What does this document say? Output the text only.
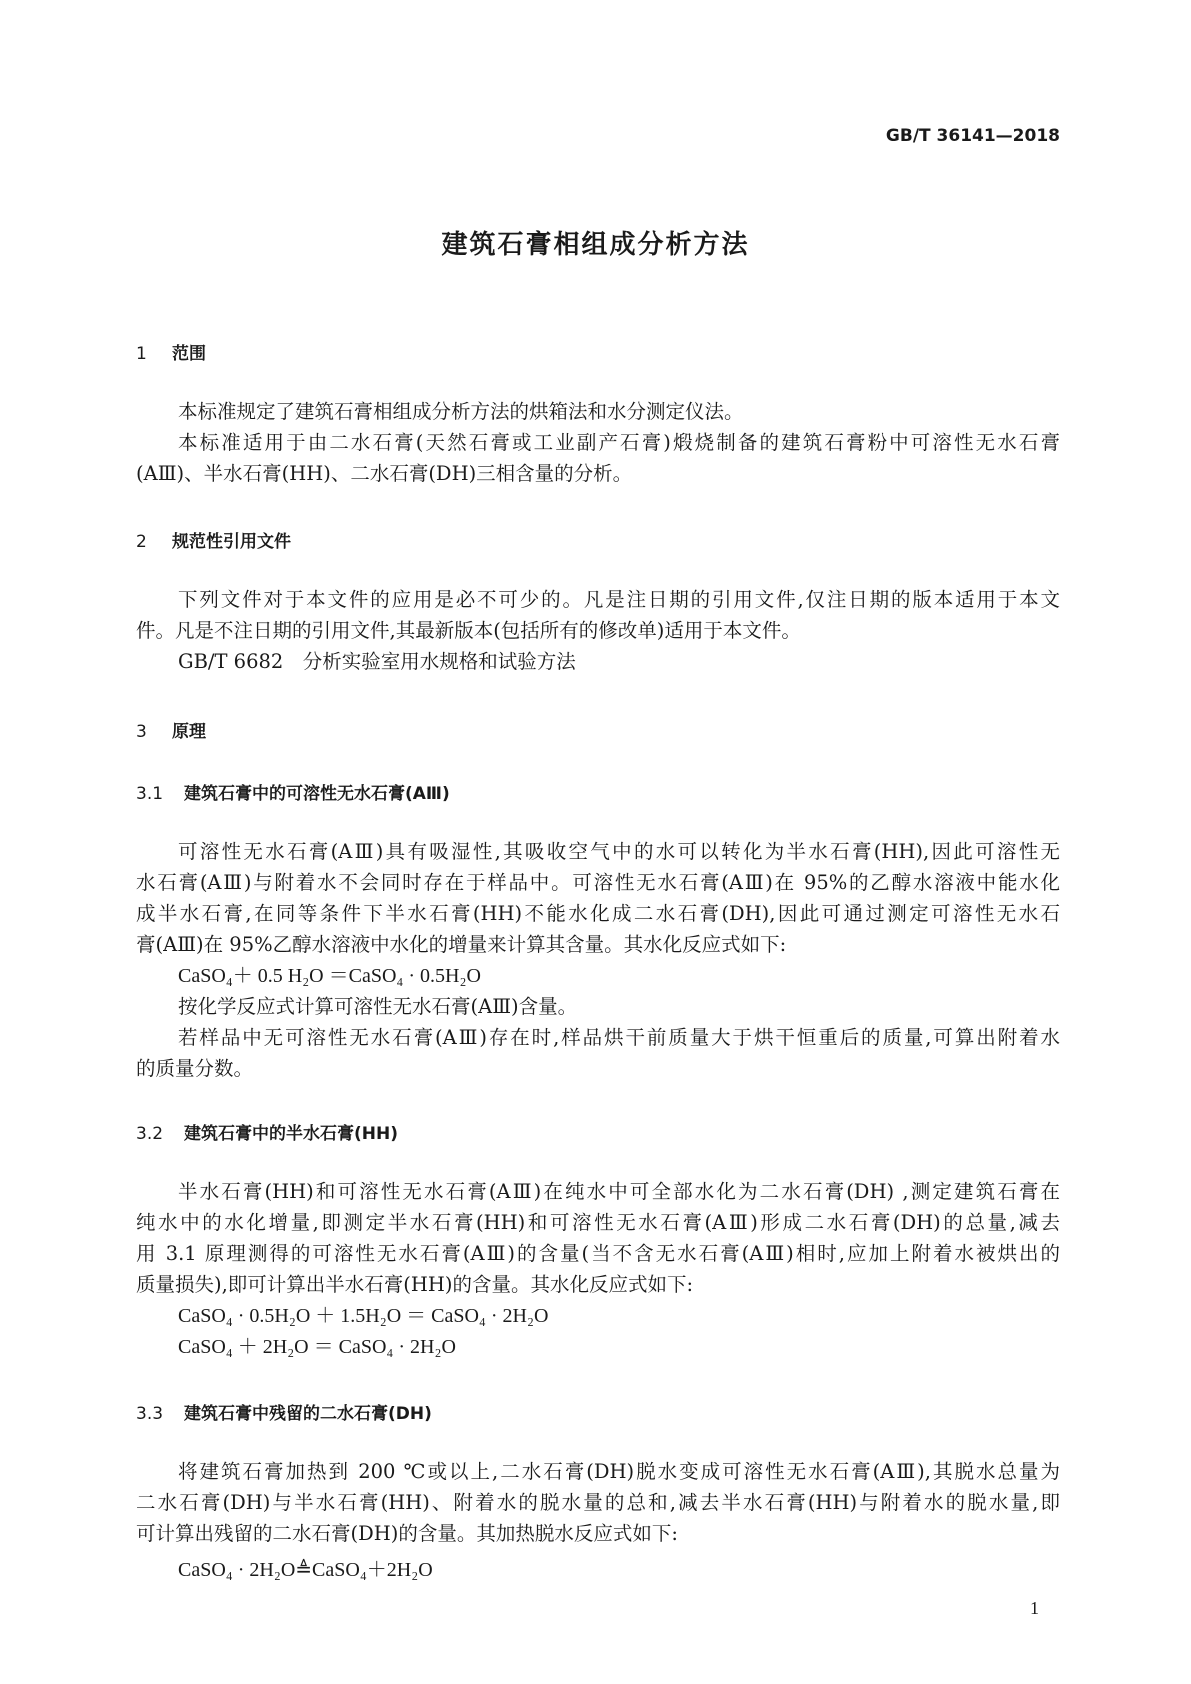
GB/T 36141—2018
建筑石膏相组成分析方法
1 范围
2 规范性引用文件
3 原理
3.1 建筑石膏中的可溶性无水石膏(AⅢ)
3.2 建筑石膏中的半水石膏(HH)
3.3 建筑石膏中残留的二水石膏(DH)
本标准规定了建筑石膏相组成分析方法的烘箱法和水分测定仪法。
本标准适用于由二水石膏(天然石膏或工业副产石膏)煅烧制备的建筑石膏粉中可溶性无水石膏
(AⅢ)、半水石膏(HH)、二水石膏(DH)三相含量的分析。
下列文件对于本文件的应用是必不可少的。凡是注日期的引用文件,仅注日期的版本适用于本文
件。凡是不注日期的引用文件,其最新版本(包括所有的修改单)适用于本文件。
GB/T 6682　分析实验室用水规格和试验方法
可溶性无水石膏(AⅢ)具有吸湿性,其吸收空气中的水可以转化为半水石膏(HH),因此可溶性无
水石膏(AⅢ)与附着水不会同时存在于样品中。可溶性无水石膏(AⅢ)在 95%的乙醇水溶液中能水化
成半水石膏,在同等条件下半水石膏(HH)不能水化成二水石膏(DH),因此可通过测定可溶性无水石
膏(AⅢ)在 95%乙醇水溶液中水化的增量来计算其含量。其水化反应式如下:
按化学反应式计算可溶性无水石膏(AⅢ)含量。
若样品中无可溶性无水石膏(AⅢ)存在时,样品烘干前质量大于烘干恒重后的质量,可算出附着水
的质量分数。
半水石膏(HH)和可溶性无水石膏(AⅢ)在纯水中可全部水化为二水石膏(DH) ,测定建筑石膏在
纯水中的水化增量,即测定半水石膏(HH)和可溶性无水石膏(AⅢ)形成二水石膏(DH)的总量,减去
用 3.1 原理测得的可溶性无水石膏(AⅢ)的含量(当不含无水石膏(AⅢ)相时,应加上附着水被烘出的
质量损失),即可计算出半水石膏(HH)的含量。其水化反应式如下:
将建筑石膏加热到 200 ℃或以上,二水石膏(DH)脱水变成可溶性无水石膏(AⅢ),其脱水总量为
二水石膏(DH)与半水石膏(HH)、附着水的脱水量的总和,减去半水石膏(HH)与附着水的脱水量,即
可计算出残留的二水石膏(DH)的含量。其加热脱水反应式如下:
CaSO₄＋ 0.5 H₂O ＝CaSO₄ · 0.5H₂O
CaSO₄ · 0.5H₂O ＋ 1.5H₂O ＝ CaSO₄ · 2H₂O
CaSO₄ ＋ 2H₂O ＝ CaSO₄ · 2H₂O
CaSO₄ · 2H₂O≜CaSO₄＋2H₂O
1
